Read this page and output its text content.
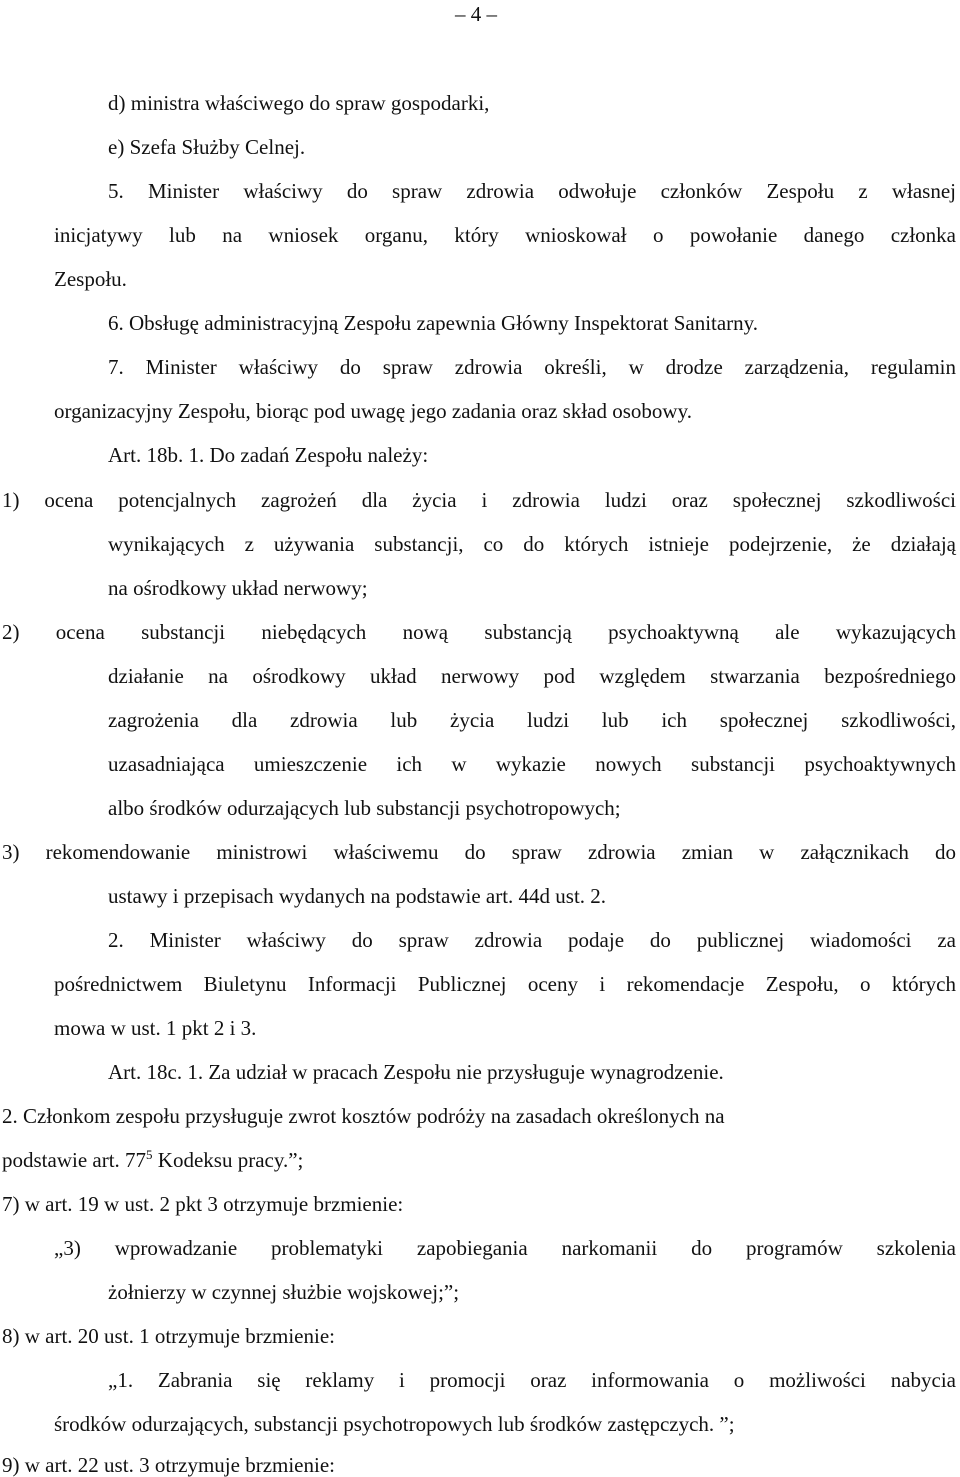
– 4 –
d) ministra właściwego do spraw gospodarki,
e) Szefa Służby Celnej.
5. Minister właściwy do spraw zdrowia odwołuje członków Zespołu z własnej
inicjatywy lub na wniosek organu, który wnioskował o powołanie danego członka
Zespołu.
6. Obsługę administracyjną Zespołu zapewnia Główny Inspektorat Sanitarny.
7. Minister właściwy do spraw zdrowia określi, w drodze zarządzenia, regulamin
organizacyjny Zespołu, biorąc pod uwagę jego zadania oraz skład osobowy.
Art. 18b. 1. Do zadań Zespołu należy:
1) ocena potencjalnych zagrożeń dla życia i zdrowia ludzi oraz społecznej szkodliwości
wynikających z używania substancji, co do których istnieje podejrzenie, że działają
na ośrodkowy układ nerwowy;
2) ocena substancji niebędących nową substancją psychoaktywną ale wykazujących
działanie na ośrodkowy układ nerwowy pod względem stwarzania bezpośredniego
zagrożenia dla zdrowia lub życia ludzi lub ich społecznej szkodliwości,
uzasadniająca umieszczenie ich w wykazie nowych substancji psychoaktywnych
albo środków odurzających lub substancji psychotropowych;
3) rekomendowanie ministrowi właściwemu do spraw zdrowia zmian w załącznikach do
ustawy i przepisach wydanych na podstawie art. 44d ust. 2.
2. Minister właściwy do spraw zdrowia podaje do publicznej wiadomości za
pośrednictwem Biuletynu Informacji Publicznej oceny i rekomendacje Zespołu, o których
mowa w ust. 1 pkt 2 i 3.
Art. 18c. 1. Za udział w pracach Zespołu nie przysługuje wynagrodzenie.
2. Członkom zespołu przysługuje zwrot kosztów podróży na zasadach określonych na
podstawie art. $77^5$ Kodeksu pracy.”;
7) w art. 19 w ust. 2 pkt 3 otrzymuje brzmienie:
„3) wprowadzanie problematyki zapobiegania narkomanii do programów szkolenia
żołnierzy w czynnej służbie wojskowej;”;
8) w art. 20 ust. 1 otrzymuje brzmienie:
„1. Zabrania się reklamy i promocji oraz informowania o możliwości nabycia
środków odurzających, substancji psychotropowych lub środków zastępczych. ”;
9) w art. 22 ust. 3 otrzymuje brzmienie:
